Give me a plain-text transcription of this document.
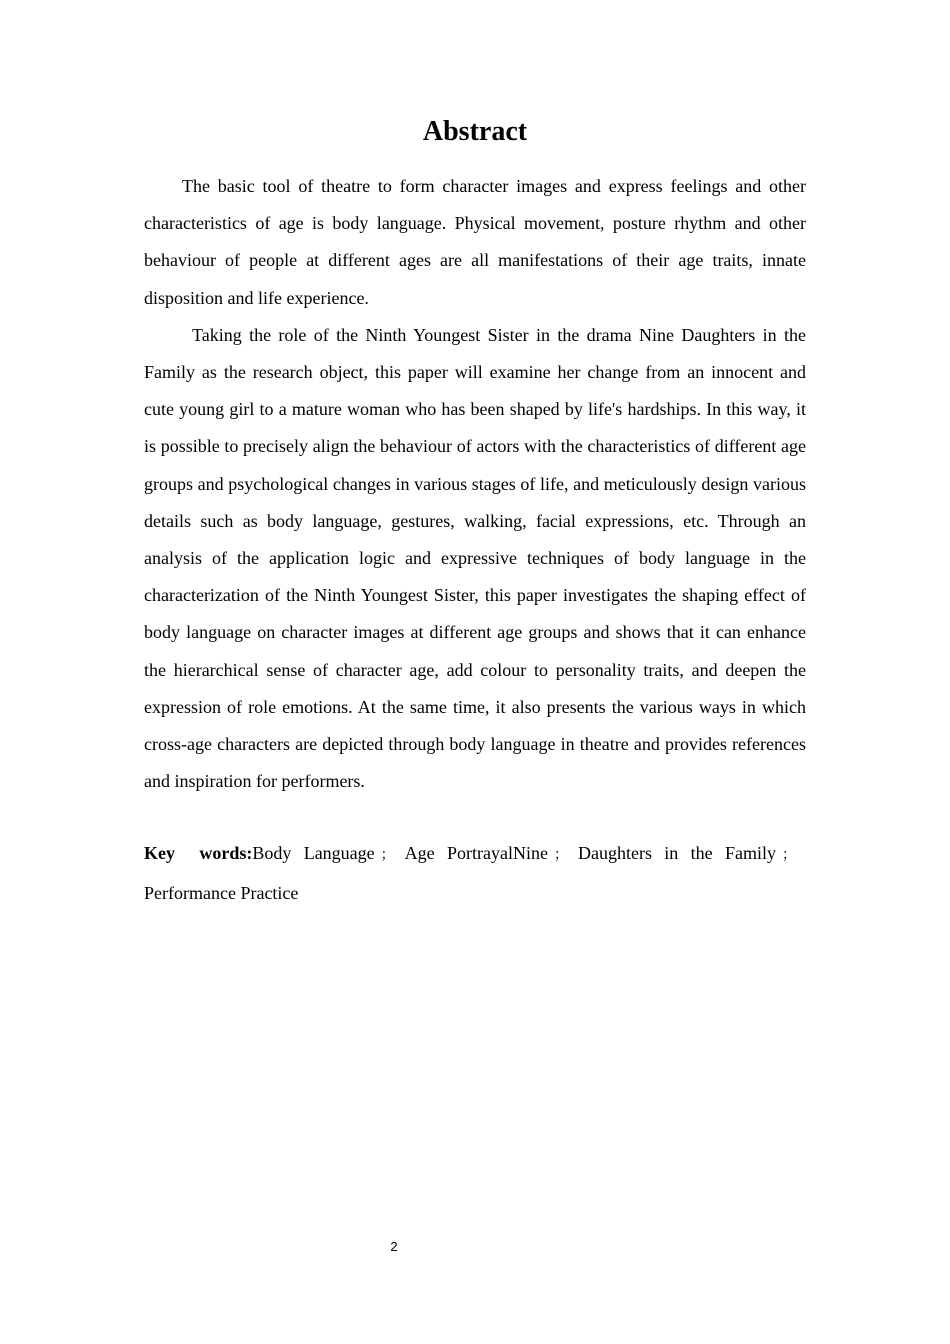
Abstract

The basic tool of theatre to form character images and express feelings and other characteristics of age is body language. Physical movement, posture rhythm and other behaviour of people at different ages are all manifestations of their age traits, innate disposition and life experience.

Taking the role of the Ninth Youngest Sister in the drama Nine Daughters in the Family as the research object, this paper will examine her change from an innocent and cute young girl to a mature woman who has been shaped by life's hardships. In this way, it is possible to precisely align the behaviour of actors with the characteristics of different age groups and psychological changes in various stages of life, and meticulously design various details such as body language, gestures, walking, facial expressions, etc. Through an analysis of the application logic and expressive techniques of body language in the characterization of the Ninth Youngest Sister, this paper investigates the shaping effect of body language on character images at different age groups and shows that it can enhance the hierarchical sense of character age, add colour to personality traits, and deepen the expression of role emotions. At the same time, it also presents the various ways in which cross-age characters are depicted through body language in theatre and provides references and inspiration for performers.

Key words:Body Language ； Age PortrayalNine ； Daughters in the Family ；Performance Practice

2
